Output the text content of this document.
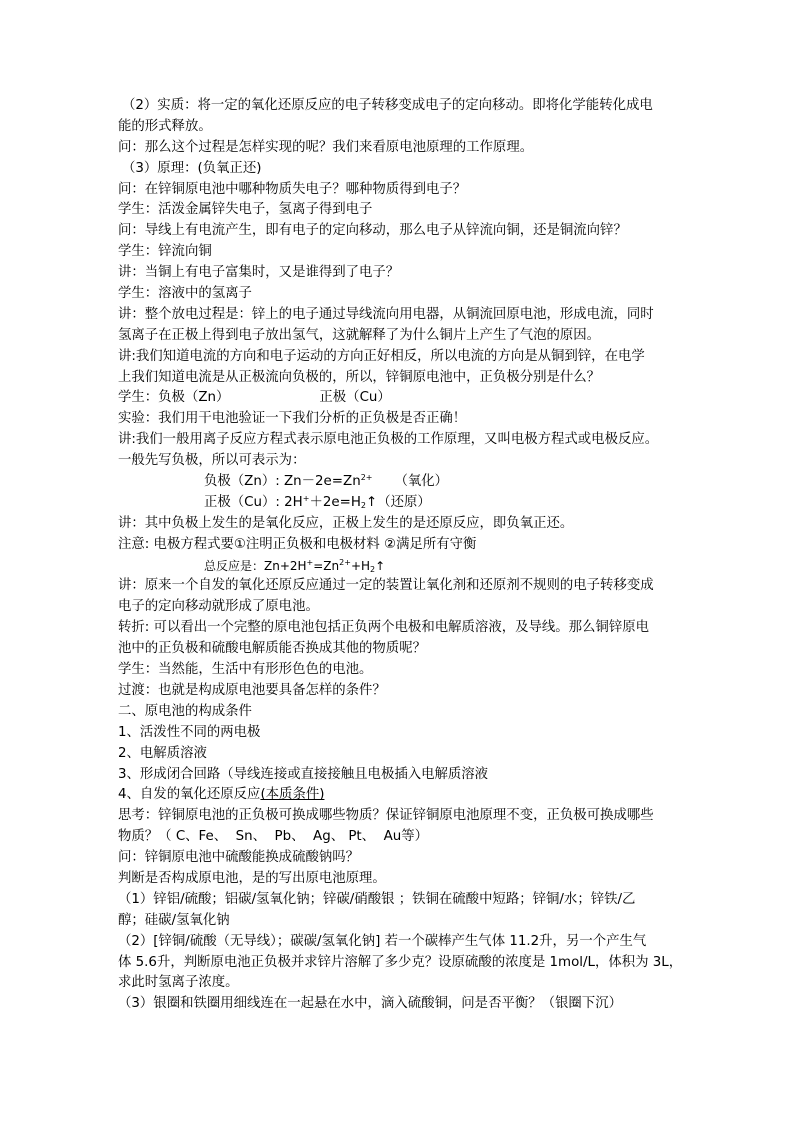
（2）实质：将一定的氧化还原反应的电子转移变成电子的定向移动。即将化学能转化成电
能的形式释放。
问：那么这个过程是怎样实现的呢？我们来看原电池原理的工作原理。
（3）原理：(负氧正还)
问：在锌铜原电池中哪种物质失电子？哪种物质得到电子？
学生：活泼金属锌失电子，氢离子得到电子
问：导线上有电流产生，即有电子的定向移动，那么电子从锌流向铜，还是铜流向锌？
学生：锌流向铜
讲：当铜上有电子富集时，又是谁得到了电子？
学生：溶液中的氢离子
讲：整个放电过程是：锌上的电子通过导线流向用电器，从铜流回原电池，形成电流，同时
氢离子在正极上得到电子放出氢气，这就解释了为什么铜片上产生了气泡的原因。
讲:我们知道电流的方向和电子运动的方向正好相反，所以电流的方向是从铜到锌，在电学
上我们知道电流是从正极流向负极的，所以，锌铜原电池中，正负极分别是什么？
学生：负极（Zn）	正极（Cu）
实验：我们用干电池验证一下我们分析的正负极是否正确！
讲:我们一般用离子反应方程式表示原电池正负极的工作原理，又叫电极方程式或电极反应。
一般先写负极，所以可表示为：
负极（Zn）: $Zn-2e=Zn^{2+}$ （氧化）
正极（Cu）: $2H^++2e=H_2↑$（还原）
讲：其中负极上发生的是氧化反应，正极上发生的是还原反应，即负氧正还。
注意: 电极方程式要①注明正负极和电极材料 ②满足所有守衡
总反应是：$Zn+2H^+=Zn^{2+}+H_2↑$
讲：原来一个自发的氧化还原反应通过一定的装置让氧化剂和还原剂不规则的电子转移变成
电子的定向移动就形成了原电池。
转折: 可以看出一个完整的原电池包括正负两个电极和电解质溶液，及导线。那么铜锌原电
池中的正负极和硫酸电解质能否换成其他的物质呢？
学生：当然能，生活中有形形色色的电池。
过渡：也就是构成原电池要具备怎样的条件？
二、原电池的构成条件
1、活泼性不同的两电极
2、电解质溶液
3、形成闭合回路（导线连接或直接接触且电极插入电解质溶液
4、自发的氧化还原反应(本质条件)
思考：锌铜原电池的正负极可换成哪些物质？保证锌铜原电池原理不变，正负极可换成哪些
物质？（ C、Fe、  Sn、  Pb、  Ag、 Pt、  Au等）
问：锌铜原电池中硫酸能换成硫酸钠吗？
判断是否构成原电池，是的写出原电池原理。
（1）锌铝/硫酸；铝碳/氢氧化钠；锌碳/硝酸银 ；铁铜在硫酸中短路；锌铜/水；锌铁/乙
醇；硅碳/氢氧化钠
（2）[锌铜/硫酸（无导线）；碳碳/氢氧化钠] 若一个碳棒产生气体 11.2升，另一个产生气
体 5.6升，判断原电池正负极并求锌片溶解了多少克？设原硫酸的浓度是 1mol/L，体积为 3L，
求此时氢离子浓度。
（3）银圈和铁圈用细线连在一起悬在水中，滴入硫酸铜，问是否平衡？（银圈下沉）
